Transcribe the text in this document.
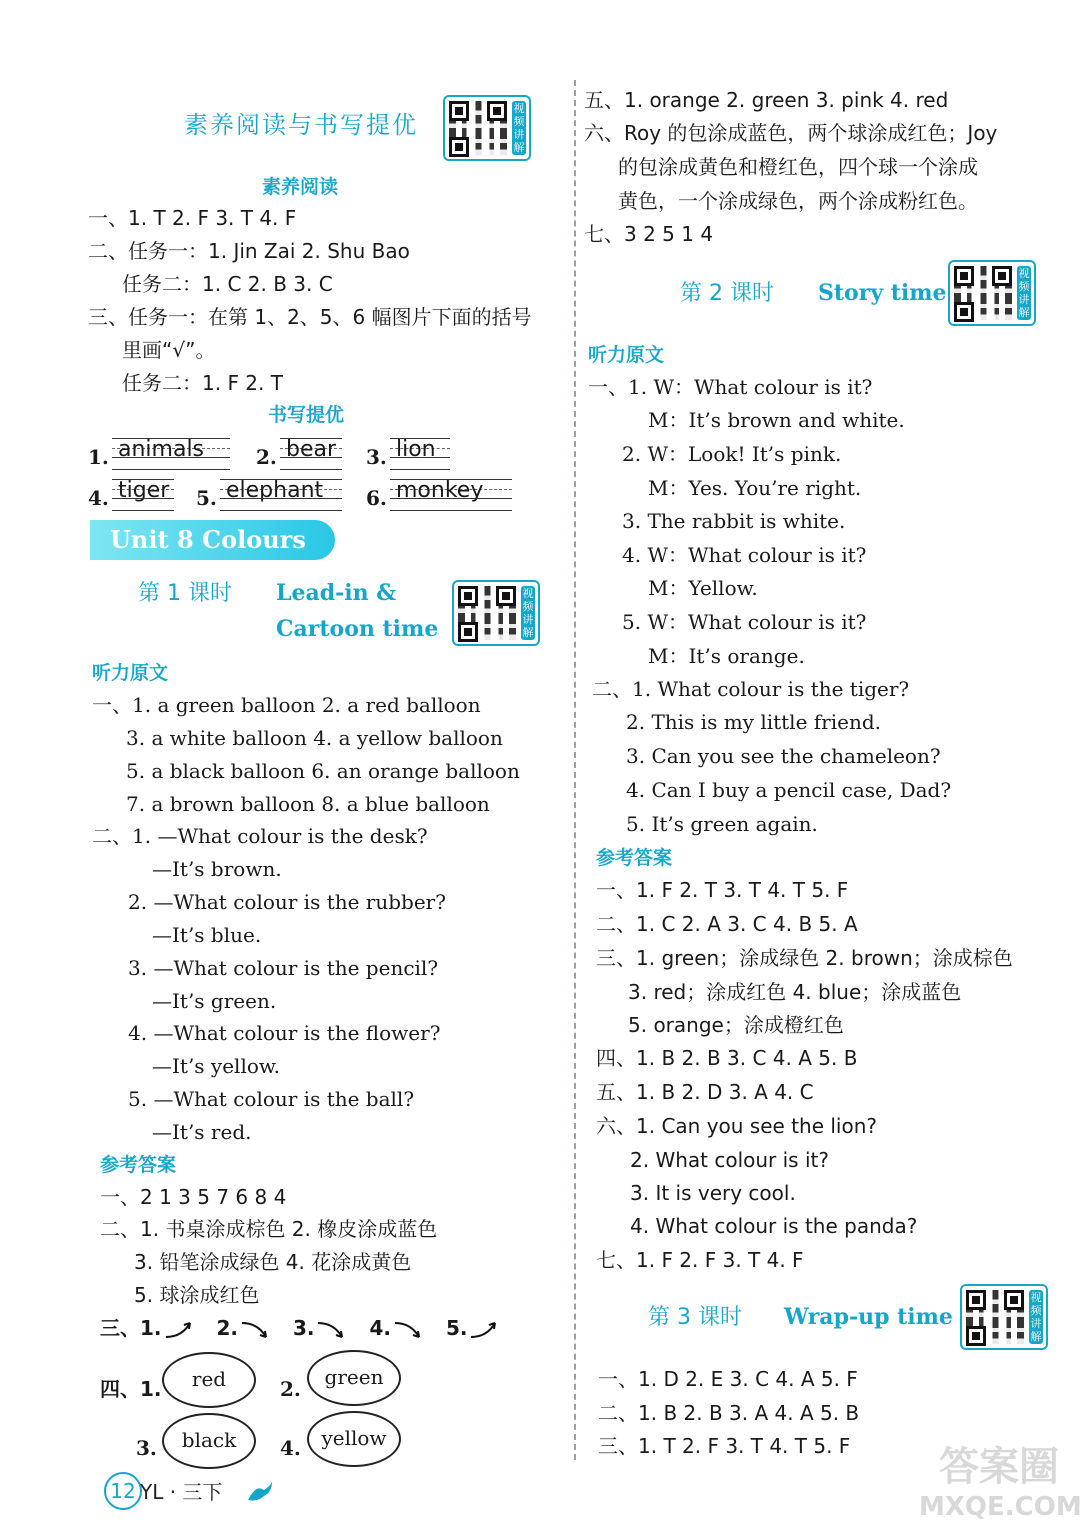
素养阅读与书写提优
视频讲解
素养阅读
一、1. T 2. F 3. T 4. F
二、任务一：1. Jin Zai 2. Shu Bao
任务二：1. C 2. B 3. C
三、任务一：在第 1、2、5、6 幅图片下面的括号
里画“√”。
任务二：1. F 2. T
书写提优
1. animals	2. bear 3. lion
4. tiger 5. elephant 6. monkey
Unit 8 Colours
第 1 课时 Lead-in &
Cartoon time
视频讲解
听力原文
一、1. a green balloon 2. a red balloon
3. a white balloon 4. a yellow balloon
5. a black balloon 6. an orange balloon
7. a brown balloon 8. a blue balloon
二、1. —What colour is the desk?
—It’s brown.
2. —What colour is the rubber?
—It’s blue.
3. —What colour is the pencil?
—It’s green.
4. —What colour is the flower?
—It’s yellow.
5. —What colour is the ball?
—It’s red.
参考答案
一、2 1 3 5 7 6 8 4
二、1. 书桌涂成棕色 2. 橡皮涂成蓝色
3. 铅笔涂成绿色 4. 花涂成黄色
5. 球涂成红色
三、1.	2.	3.	4.	5.
四、1.	red	2.	green
3.	black	4.	yellow
五、1. orange 2. green 3. pink 4. red
六、Roy 的包涂成蓝色，两个球涂成红色；Joy
的包涂成黄色和橙红色，四个球一个涂成
黄色，一个涂成绿色，两个涂成粉红色。
七、3 2 5 1 4
第 2 课时 Story time
视频讲解
听力原文
一、1. W：What colour is it?
M：It’s brown and white.
2. W：Look! It’s pink.
M：Yes. You’re right.
3. The rabbit is white.
4. W：What colour is it?
M：Yellow.
5. W：What colour is it?
M：It’s orange.
二、1. What colour is the tiger?
2. This is my little friend.
3. Can you see the chameleon?
4. Can I buy a pencil case, Dad?
5. It’s green again.
参考答案
一、1. F 2. T 3. T 4. T 5. F
二、1. C 2. A 3. C 4. B 5. A
三、1. green；涂成绿色 2. brown；涂成棕色
3. red；涂成红色 4. blue；涂成蓝色
5. orange；涂成橙红色
四、1. B 2. B 3. C 4. A 5. B
五、1. B 2. D 3. A 4. C
六、1. Can you see the lion?
2. What colour is it?
3. It is very cool.
4. What colour is the panda?
七、1. F 2. F 3. T 4. F
第 3 课时 Wrap-up time
视频讲解
一、1. D 2. E 3. C 4. A 5. F
二、1. B 2. B 3. A 4. A 5. B
三、1. T 2. F 3. T 4. T 5. F
12 YL · 三下
答案圈
MXQE.COM
